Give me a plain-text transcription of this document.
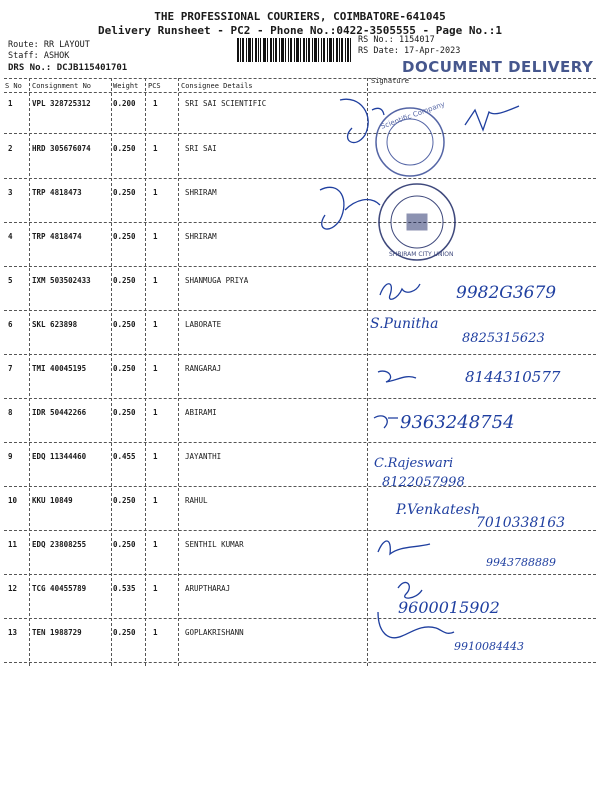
THE PROFESSIONAL COURIERS, COIMBATORE-641045
Delivery Runsheet - PC2 - Phone No.:0422-3505555 - Page No.:1
Route: RR LAYOUT
Staff: ASHOK
DRS No.: DCJB115401701
RS No.: 1154017
RS Date: 17-Apr-2023
DOCUMENT DELIVERY
S No Consignment No	Weight PCS	Consignee Details
Signature
1	VPL 328725312	0.200 1	SRI SAI SCIENTIFIC
2	HRD 305676074	0.250 1	SRI SAI
3	TRP 4818473	0.250 1	SHRIRAM
4	TRP 4818474	0.250 1	SHRIRAM
5	IXM 503502433	0.250 1	SHANMUGA PRIYA
6	SKL 623898	0.250 1	LABORATE
7	TMI 40045195	0.250 1	RANGARAJ
8	IDR 50442266	0.250 1	ABIRAMI
9	EDQ 11344460	0.455 1	JAYANTHI
10 KKU 10849	0.250 1	RAHUL
11 EDQ 23808255	0.250 1	SENTHIL KUMAR
12 TCG 40455789	0.535 1	ARUPTHARAJ
13 TEN 1988729	0.250 1	GOPLAKRISHANN
Scientific Company
SHRIRAM CITY UNION
9982G3679
S.Punitha
8825315623
8144310577
9363248754
C.Rajeswari
8122057998
P.Venkatesh
7010338163
9943788889
9600015902
9910084443
